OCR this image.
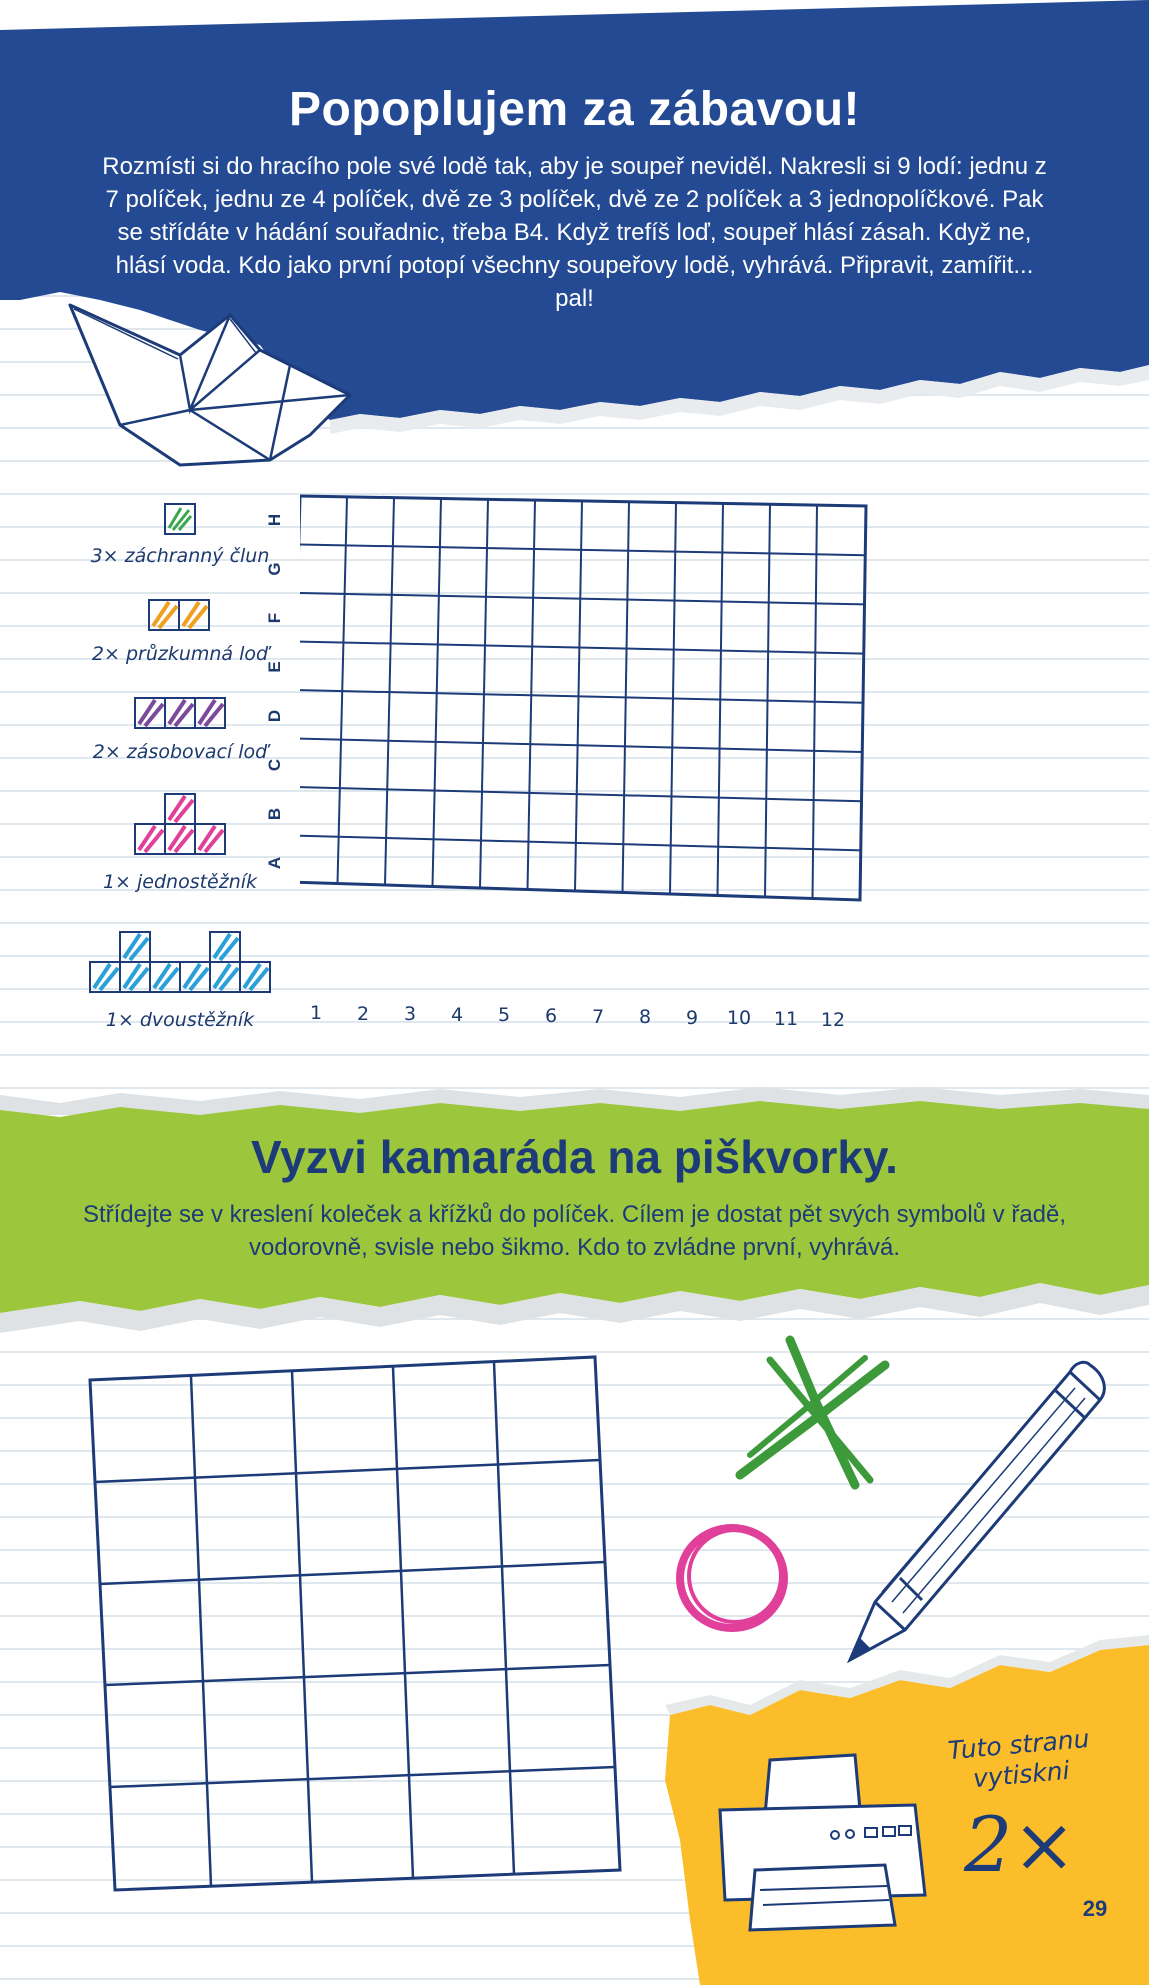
Popoplujem za zábavou!
Rozmísti si do hracího pole své lodě tak, aby je soupeř neviděl. Nakresli si 9 lodí: jednu z 7 políček, jednu ze 4 políček, dvě ze 3 políček, dvě ze 2 políček a 3 jednopolíčkové. Pak se střídáte v hádání souřadnic, třeba B4. Když trefíš loď, soupeř hlásí zásah. Když ne, hlásí voda. Kdo jako první potopí všechny soupeřovy lodě, vyhrává. Připravit, zamířit... pal!
3× záchranný člun
2× průzkumná loď
2× zásobovací loď
1× jednostěžník
1× dvoustěžník
H
G
F
E
D
C
B
A
1	2	3	4	5	6	7	8	9	10	11	12
Vyzvi kamaráda na piškvorky.
Střídejte se v kreslení koleček a křížků do políček. Cílem je dostat pět svých symbolů v řadě, vodorovně, svisle nebo šikmo. Kdo to zvládne první, vyhrává.
Tuto stranu
vytiskni
2×
29
